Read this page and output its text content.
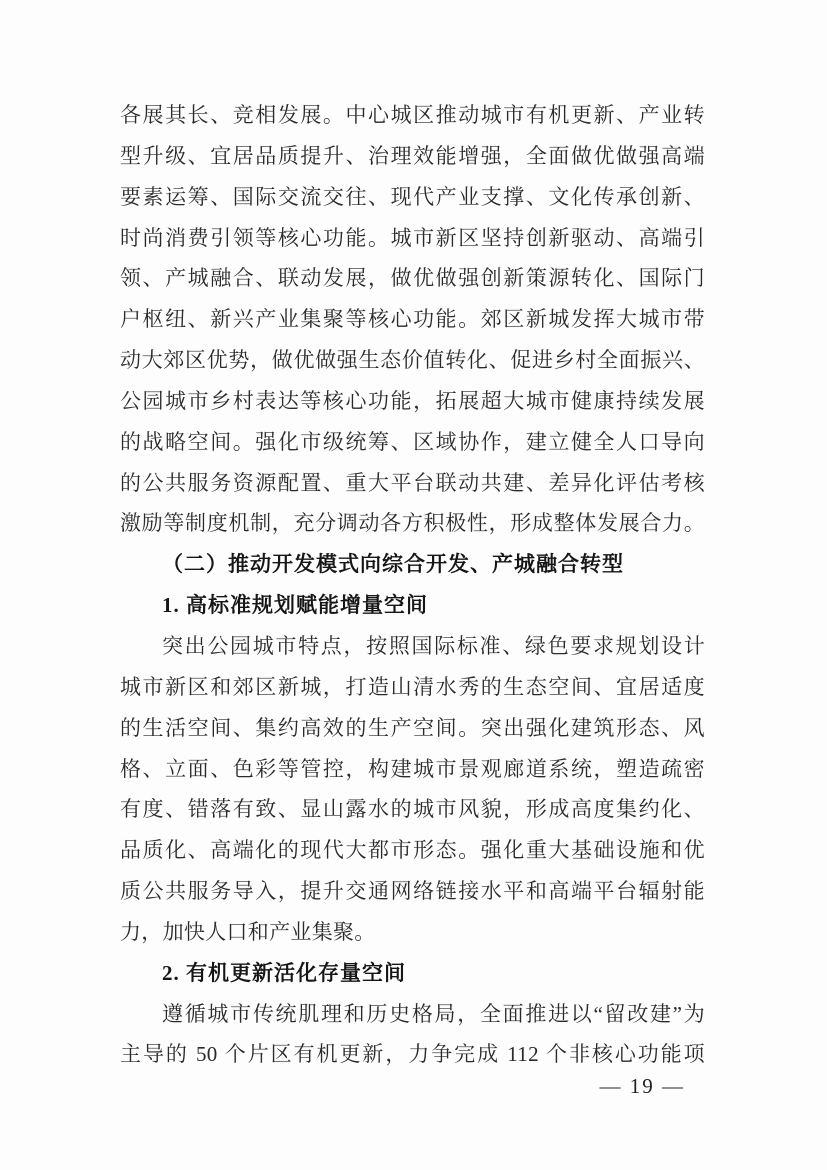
各展其长、竞相发展。中心城区推动城市有机更新、产业转
型升级、宜居品质提升、治理效能增强，全面做优做强高端
要素运筹、国际交流交往、现代产业支撑、文化传承创新、
时尚消费引领等核心功能。城市新区坚持创新驱动、高端引
领、产城融合、联动发展，做优做强创新策源转化、国际门
户枢纽、新兴产业集聚等核心功能。郊区新城发挥大城市带
动大郊区优势，做优做强生态价值转化、促进乡村全面振兴、
公园城市乡村表达等核心功能，拓展超大城市健康持续发展
的战略空间。强化市级统筹、区域协作，建立健全人口导向
的公共服务资源配置、重大平台联动共建、差异化评估考核
激励等制度机制，充分调动各方积极性，形成整体发展合力。
（二）推动开发模式向综合开发、产城融合转型
1. 高标准规划赋能增量空间
突出公园城市特点，按照国际标准、绿色要求规划设计
城市新区和郊区新城，打造山清水秀的生态空间、宜居适度
的生活空间、集约高效的生产空间。突出强化建筑形态、风
格、立面、色彩等管控，构建城市景观廊道系统，塑造疏密
有度、错落有致、显山露水的城市风貌，形成高度集约化、
品质化、高端化的现代大都市形态。强化重大基础设施和优
质公共服务导入，提升交通网络链接水平和高端平台辐射能
力，加快人口和产业集聚。
2. 有机更新活化存量空间
遵循城市传统肌理和历史格局，全面推进以“留改建”为
主导的 50 个片区有机更新，力争完成 112 个非核心功能项
— 19 —
